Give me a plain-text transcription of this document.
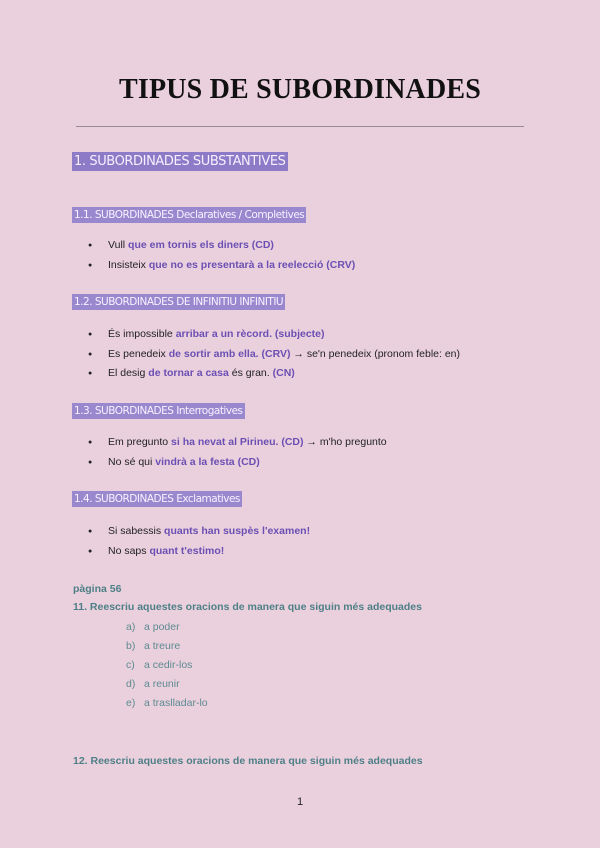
TIPUS DE SUBORDINADES
1. SUBORDINADES SUBSTANTIVES
1.1. SUBORDINADES Declaratives / Completives
● Vull que em tornis els diners (CD)
● Insisteix que no es presentarà a la reelecció (CRV)
1.2. SUBORDINADES DE INFINITIU INFINITIU
● És impossible arribar a un rècord. (subjecte)
● Es penedeix de sortir amb ella. (CRV) → se'n penedeix (pronom feble: en)
● El desig de tornar a casa és gran. (CN)
1.3. SUBORDINADES Interrogatives
● Em pregunto si ha nevat al Pirineu. (CD) → m'ho pregunto
● No sé qui vindrà a la festa (CD)
1.4. SUBORDINADES Exclamatives
● Si sabessis quants han suspès l'examen!
● No saps quant t'estimo!
pàgina 56
11. Reescriu aquestes oracions de manera que siguin més adequades
a) a poder
b) a treure
c) a cedir-los
d) a reunir
e) a traslladar-lo
12. Reescriu aquestes oracions de manera que siguin més adequades
1
